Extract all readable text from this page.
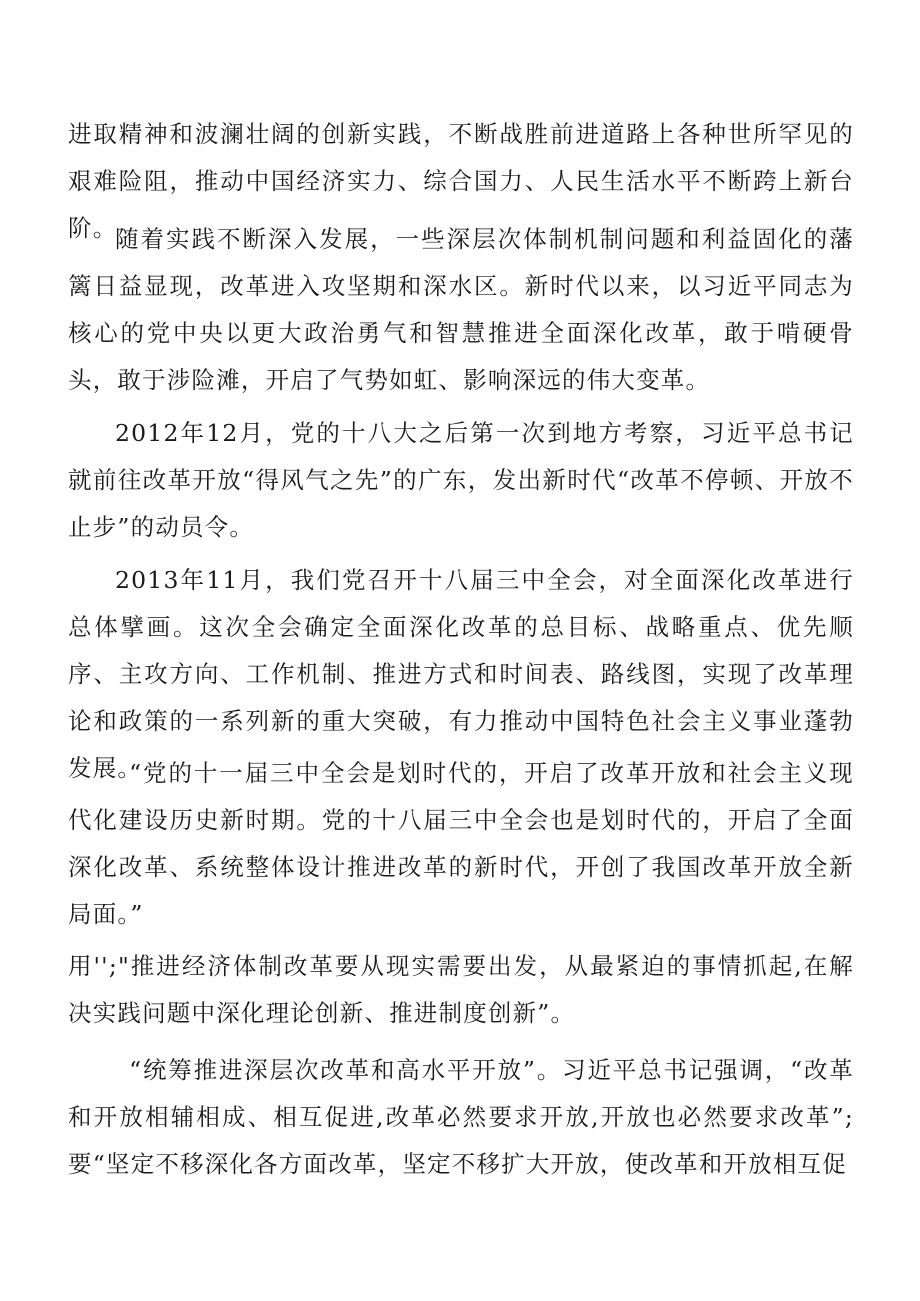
进取精神和波澜壮阔的创新实践，不断战胜前进道路上各种世所罕见的艰难险阻，推动中国经济实力、综合国力、人民生活水平不断跨上新台阶。

随着实践不断深入发展，一些深层次体制机制问题和利益固化的藩篱日益显现，改革进入攻坚期和深水区。新时代以来，以习近平同志为核心的党中央以更大政治勇气和智慧推进全面深化改革，敢于啃硬骨头，敢于涉险滩，开启了气势如虹、影响深远的伟大变革。

2012年12月，党的十八大之后第一次到地方考察，习近平总书记就前往改革开放“得风气之先”的广东，发出新时代“改革不停顿、开放不止步”的动员令。

2013年11月，我们党召开十八届三中全会，对全面深化改革进行总体擘画。这次全会确定全面深化改革的总目标、战略重点、优先顺序、主攻方向、工作机制、推进方式和时间表、路线图，实现了改革理论和政策的一系列新的重大突破，有力推动中国特色社会主义事业蓬勃发展。

“党的十一届三中全会是划时代的，开启了改革开放和社会主义现代化建设历史新时期。党的十八届三中全会也是划时代的，开启了全面深化改革、系统整体设计推进改革的新时代，开创了我国改革开放全新局面。”

用'';"推进经济体制改革要从现实需要出发，从最紧迫的事情抓起,在解决实践问题中深化理论创新、推进制度创新”。

“统筹推进深层次改革和高水平开放”。习近平总书记强调，“改革和开放相辅相成、相互促进,改革必然要求开放,开放也必然要求改革”;要“坚定不移深化各方面改革，坚定不移扩大开放，使改革和开放相互促
